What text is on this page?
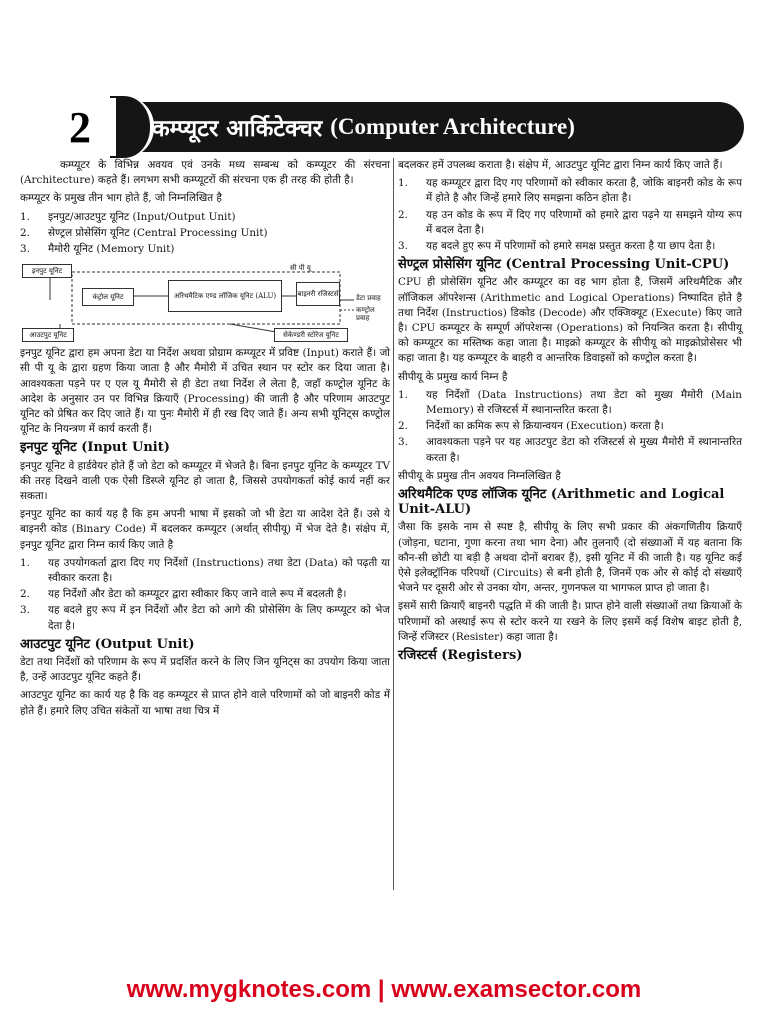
2	कम्प्यूटर आर्किटेक्चर (Computer Architecture)

कम्प्यूटर के विभिन्न अवयव एवं उनके मध्य सम्बन्ध को कम्प्यूटर की संरचना (Architecture) कहते हैं। लगभग सभी कम्प्यूटरों की संरचना एक ही तरह की होती है।

कम्प्यूटर के प्रमुख तीन भाग होते हैं, जो निम्नलिखित है

1.	इनपुट/आउटपुट यूनिट (Input/Output Unit)
2.	सेण्ट्रल प्रोसेसिंग यूनिट (Central Processing Unit)
3.	मैमोरी यूनिट (Memory Unit)
इनपुट यूनिट	सी पी यू
कंट्रोल यूनिट	अरिथमैटिक एण्ड लॉजिक यूनिट (ALU)	बाइनरी रजिस्टर्स	डेटा प्रवाह
कण्ट्रोल प्रवाह
आउटपुट यूनिट	सेकेण्डरी स्टोरेज यूनिट

इनपुट यूनिट द्वारा हम अपना डेटा या निर्देश अथवा प्रोग्राम कम्प्यूटर में प्रविष्ट (Input) कराते हैं। जो सी पी यू के द्वारा ग्रहण किया जाता है और मैमोरी में उचित स्थान पर स्टोर कर दिया जाता है। आवश्यकता पड़ने पर ए एल यू मैमोरी से ही डेटा तथा निर्देश ले लेता है, जहाँ कण्ट्रोल यूनिट के आदेश के अनुसार उन पर विभिन्न क्रियाएँ (Processing) की जाती है और परिणाम आउटपुट यूनिट को प्रेषित कर दिए जाते हैं। या पुनः मैमोरी में ही रख दिए जाते हैं। अन्य सभी यूनिट्स कण्ट्रोल यूनिट के नियन्त्रण में कार्य करती हैं।

इनपुट यूनिट (Input Unit)

इनपुट यूनिट वे हार्डवेयर होते हैं जो डेटा को कम्प्यूटर में भेजते है। बिना इनपुट यूनिट के कम्प्यूटर TV की तरह दिखने वाली एक ऐसी डिस्प्ले यूनिट हो जाता है, जिससे उपयोगकर्ता कोई कार्य नहीं कर सकता।

इनपुट यूनिट का कार्य यह है कि हम अपनी भाषा में इसको जो भी डेटा या आदेश देते हैं। उसे ये बाइनरी कोड (Binary Code) में बदलकर कम्प्यूटर (अर्थात् सीपीयू) में भेज देते है। संक्षेप में, इनपुट यूनिट द्वारा निम्न कार्य किए जाते है

1.	यह उपयोगकर्ता द्वारा दिए गए निर्देशों (Instructions) तथा डेटा (Data) को पढ़ती या स्वीकार करता है।
2.	यह निर्देशों और डेटा को कम्प्यूटर द्वारा स्वीकार किए जाने वाले रूप में बदलती है।
3.	यह बदले हुए रूप में इन निर्देशों और डेटा को आगे की प्रोसेसिंग के लिए कम्प्यूटर को भेज देता है।
आउटपुट यूनिट (Output Unit)

डेटा तथा निर्देशों को परिणाम के रूप में प्रदर्शित करने के लिए जिन यूनिट्स का उपयोग किया जाता है, उन्हें आउटपुट यूनिट कहते हैं।

आउटपुट यूनिट का कार्य यह है कि वह कम्प्यूटर से प्राप्त होने वाले परिणामों को जो बाइनरी कोड में होते हैं। हमारे लिए उचित संकेतों या भाषा तथा चित्र में

बदलकर हमें उपलब्ध कराता है। संक्षेप में, आउटपुट यूनिट द्वारा निम्न कार्य किए जाते हैं।

1.	यह कम्प्यूटर द्वारा दिए गए परिणामों को स्वीकार करता है, जोकि बाइनरी कोड के रूप में होते है और जिन्हें हमारे लिए समझना कठिन होता है।
2.	यह उन कोड के रूप में दिए गए परिणामों को हमारे द्वारा पढ़ने या समझने योग्य रूप में बदल देता है।
3.	यह बदले हुए रूप में परिणामों को हमारे समक्ष प्रस्तुत करता है या छाप देता है।
सेण्ट्रल प्रोसेसिंग यूनिट (Central Processing Unit-CPU)

CPU ही प्रोसेसिंग यूनिट और कम्प्यूटर का वह भाग होता है, जिसमें अरिथमैटिक और लॉजिकल ऑपरेशन्स (Arithmetic and Logical Operations) निष्पादित होते है तथा निर्देश (Instructios) डिकोड (Decode) और एक्जिक्यूट (Execute) किए जाते है। CPU कम्प्यूटर के सम्पूर्ण ऑपरेशन्स (Operations) को नियन्त्रित करता है। सीपीयू को कम्प्यूटर का मस्तिष्क कहा जाता है। माइक्रो कम्प्यूटर के सीपीयू को माइक्रोप्रोसेसर भी कहा जाता है। यह कम्प्यूटर के बाहरी व आन्तरिक डिवाइसों को कण्ट्रोल करता है।

सीपीयू के प्रमुख कार्य निम्न है

1.	यह निर्देशों (Data Instructions) तथा डेटा को मुख्य मैमोरी (Main Memory) से रजिस्टर्स में स्थानान्तरित करता है।
2.	निर्देशों का क्रमिक रूप से क्रियान्वयन (Execution) करता है।
3.	आवश्यकता पड़ने पर यह आउटपुट डेटा को रजिस्टर्स से मुख्य मैमोरी में स्थानान्तरित करता है।

सीपीयू के प्रमुख तीन अवयव निम्नलिखित है

अरिथमैटिक एण्ड लॉजिक यूनिट (Arithmetic and Logical Unit-ALU)

जैसा कि इसके नाम से स्पष्ट है, सीपीयू के लिए सभी प्रकार की अंकगणितीय क्रियाएँ (जोड़ना, घटाना, गुणा करना तथा भाग देना) और तुलनाएँ (दो संख्याओं में यह बताना कि कौन-सी छोटी या बड़ी है अथवा दोनों बराबर हैं), इसी यूनिट में की जाती है। यह यूनिट कई ऐसे इलेक्ट्रॉनिक परिपथों (Circuits) से बनी होती है, जिनमें एक ओर से कोई दो संख्याएँ भेजने पर दूसरी ओर से उनका योग, अन्तर, गुणनफल या भागफल प्राप्त हो जाता है।

इसमें सारी क्रियाएँ बाइनरी पद्धति में की जाती है। प्राप्त होने वाली संख्याओं तथा क्रियाओं के परिणामों को अस्थाई रूप से स्टोर करने या रखने के लिए इसमें कई विशेष बाइट होती है, जिन्हें रजिस्टर (Resister) कहा जाता है।

रजिस्टर्स (Registers)
www.mygknotes.com | www.examsector.com
